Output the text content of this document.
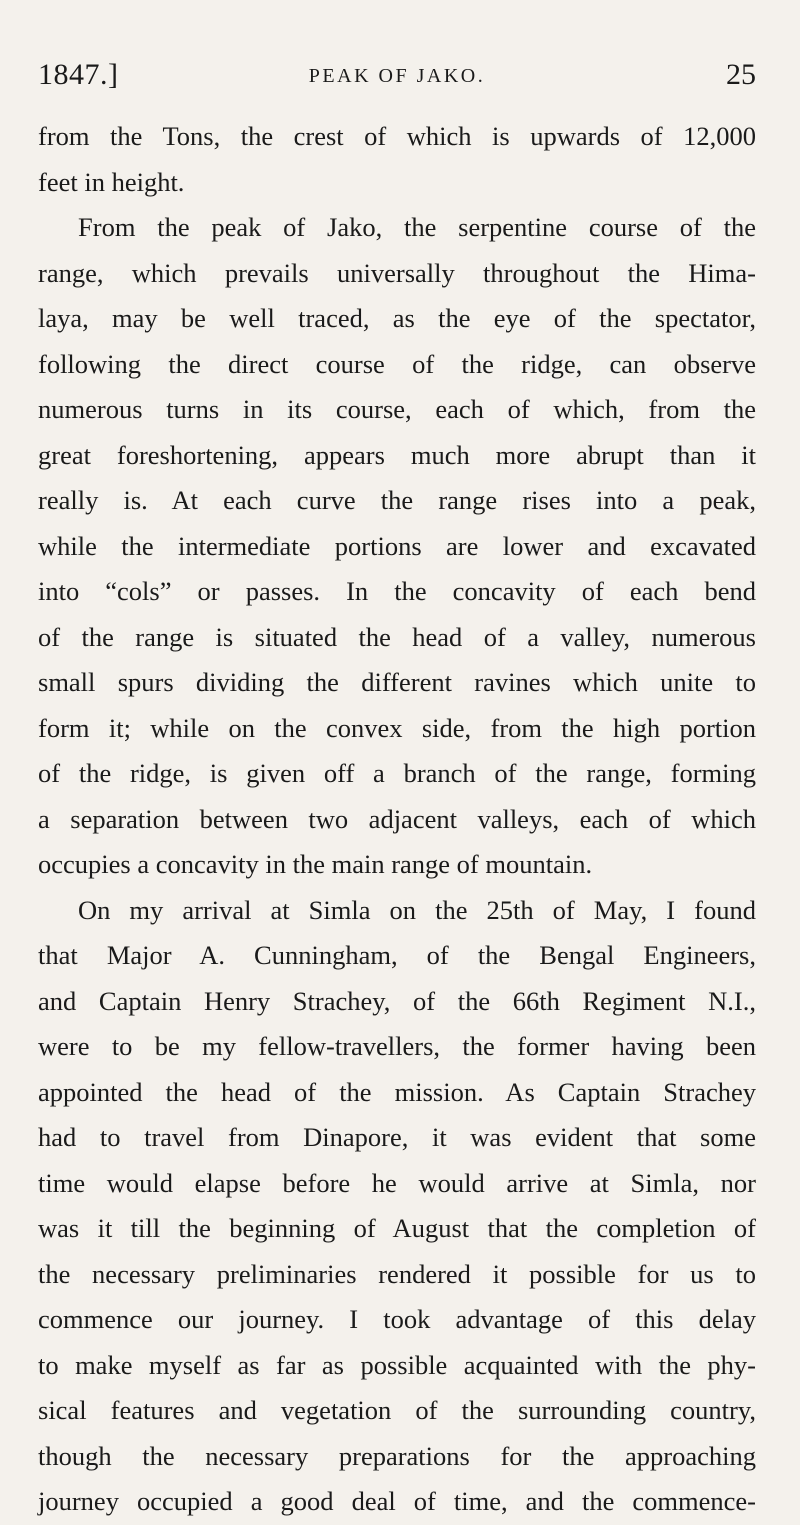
1847.]	PEAK OF JAKO.	25
from the Tons, the crest of which is upwards of 12,000
feet in height.
From the peak of Jako, the serpentine course of the
range, which prevails universally throughout the Hima-
laya, may be well traced, as the eye of the spectator,
following the direct course of the ridge, can observe
numerous turns in its course, each of which, from the
great foreshortening, appears much more abrupt than it
really is. At each curve the range rises into a peak,
while the intermediate portions are lower and excavated
into “cols” or passes. In the concavity of each bend
of the range is situated the head of a valley, numerous
small spurs dividing the different ravines which unite to
form it; while on the convex side, from the high portion
of the ridge, is given off a branch of the range, forming
a separation between two adjacent valleys, each of which
occupies a concavity in the main range of mountain.
On my arrival at Simla on the 25th of May, I found
that Major A. Cunningham, of the Bengal Engineers,
and Captain Henry Strachey, of the 66th Regiment N.I.,
were to be my fellow-travellers, the former having been
appointed the head of the mission. As Captain Strachey
had to travel from Dinapore, it was evident that some
time would elapse before he would arrive at Simla, nor
was it till the beginning of August that the completion of
the necessary preliminaries rendered it possible for us to
commence our journey. I took advantage of this delay
to make myself as far as possible acquainted with the phy-
sical features and vegetation of the surrounding country,
though the necessary preparations for the approaching
journey occupied a good deal of time, and the commence-
